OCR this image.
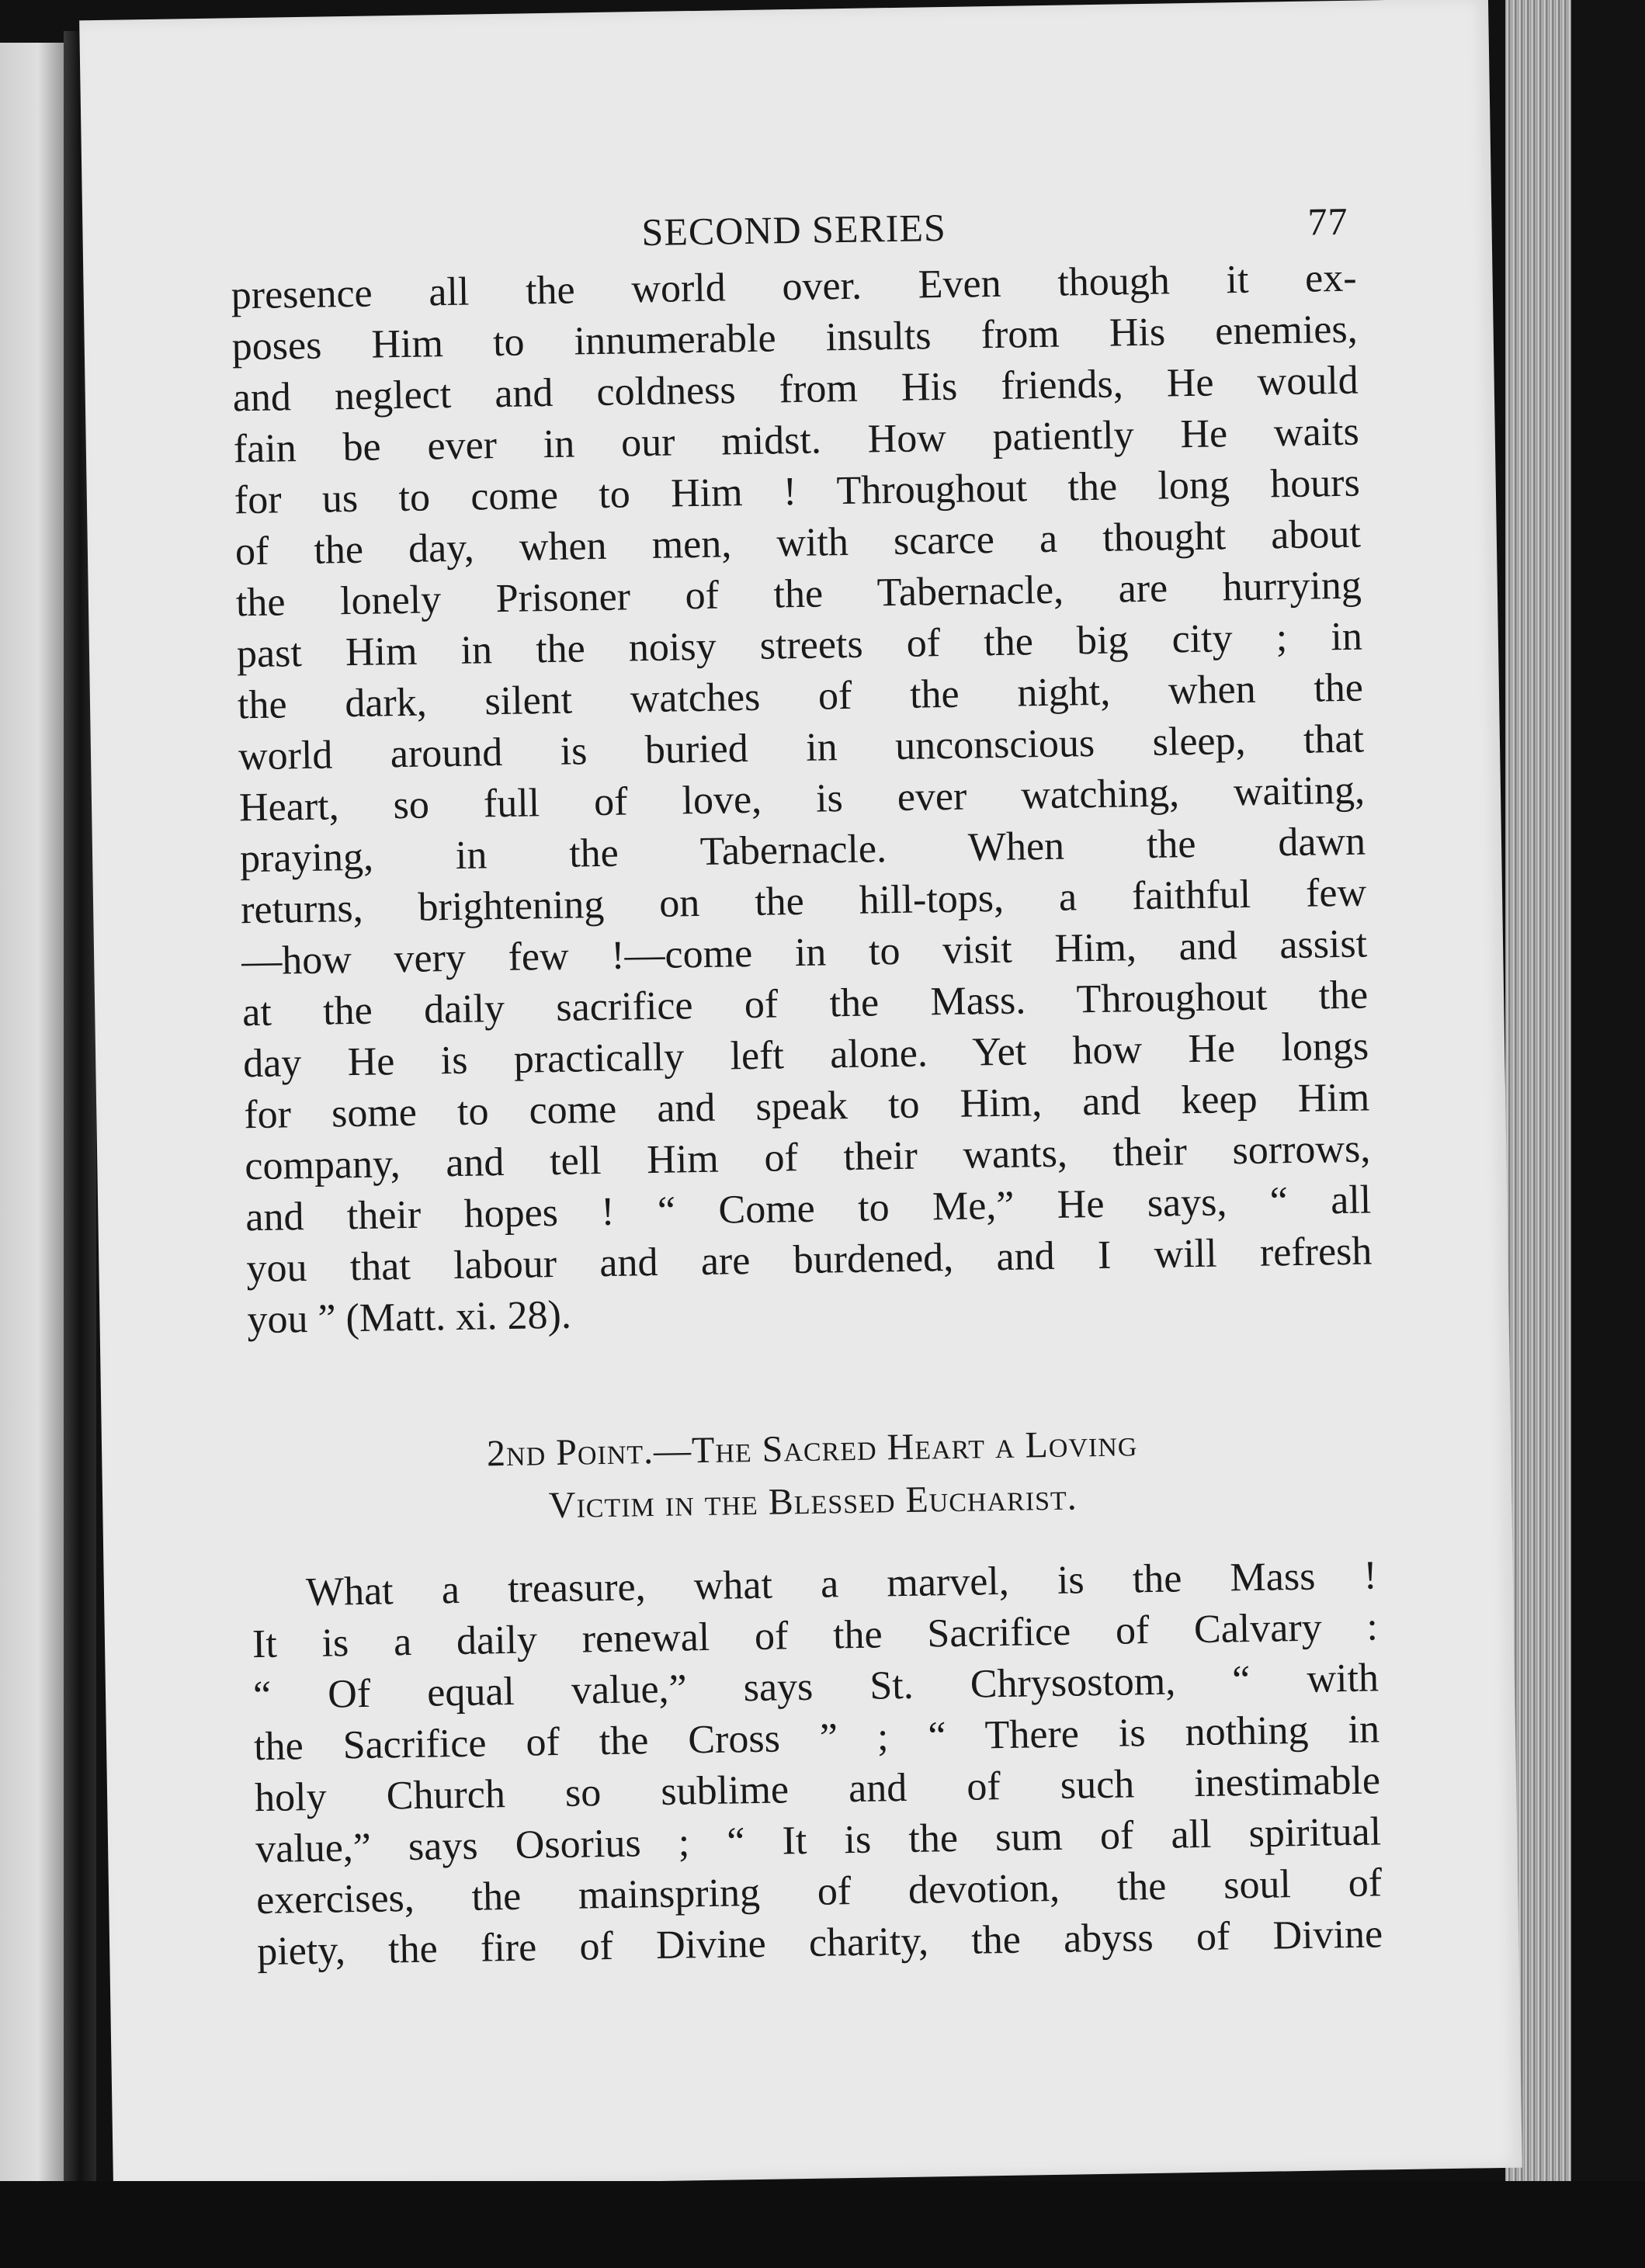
SECOND SERIES	77

presence all the world over. Even though it ex-
poses Him to innumerable insults from His enemies,
and neglect and coldness from His friends, He would
fain be ever in our midst. How patiently He waits
for us to come to Him ! Throughout the long hours
of the day, when men, with scarce a thought about
the lonely Prisoner of the Tabernacle, are hurrying
past Him in the noisy streets of the big city ; in
the dark, silent watches of the night, when the
world around is buried in unconscious sleep, that
Heart, so full of love, is ever watching, waiting,
praying, in the Tabernacle. When the dawn
returns, brightening on the hill-tops, a faithful few
—how very few !—come in to visit Him, and assist
at the daily sacrifice of the Mass. Throughout the
day He is practically left alone. Yet how He longs
for some to come and speak to Him, and keep Him
company, and tell Him of their wants, their sorrows,
and their hopes ! “ Come to Me,” He says, “ all
you that labour and are burdened, and I will refresh
you ” (Matt. xi. 28).

2nd Point.—The Sacred Heart a Loving
Victim in the Blessed Eucharist.

What a treasure, what a marvel, is the Mass !
It is a daily renewal of the Sacrifice of Calvary :
“ Of equal value,” says St. Chrysostom, “ with
the Sacrifice of the Cross ” ; “ There is nothing in
holy Church so sublime and of such inestimable
value,” says Osorius ; “ It is the sum of all spiritual
exercises, the mainspring of devotion, the soul of
piety, the fire of Divine charity, the abyss of Divine
